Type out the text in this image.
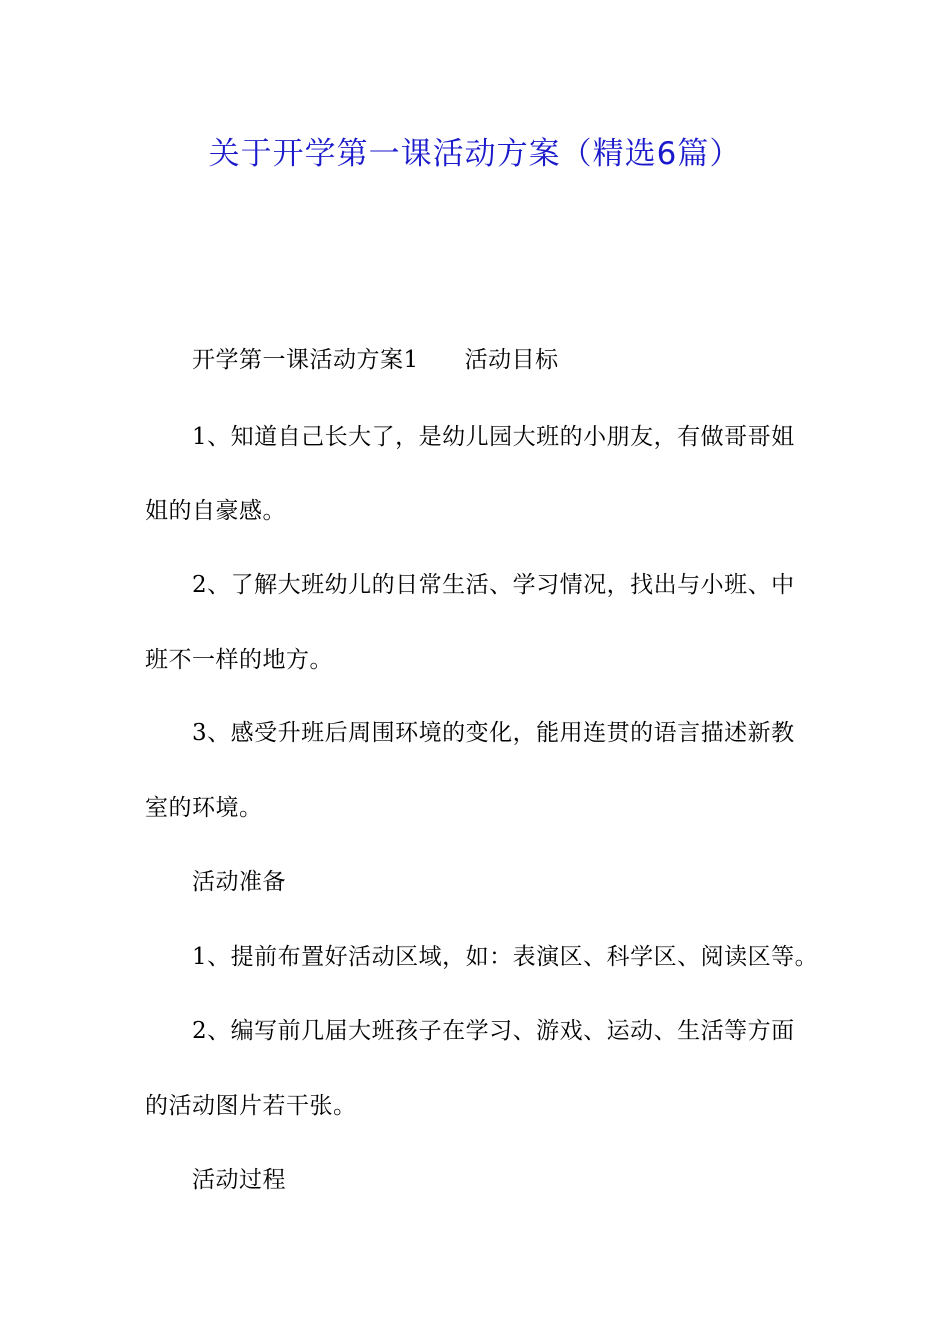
关于开学第一课活动方案（精选6篇）
开学第一课活动方案1 活动目标
1、知道自己长大了，是幼儿园大班的小朋友，有做哥哥姐
姐的自豪感。
2、了解大班幼儿的日常生活、学习情况，找出与小班、中
班不一样的地方。
3、感受升班后周围环境的变化，能用连贯的语言描述新教
室的环境。
活动准备
1、提前布置好活动区域，如：表演区、科学区、阅读区等。
2、编写前几届大班孩子在学习、游戏、运动、生活等方面
的活动图片若干张。
活动过程
